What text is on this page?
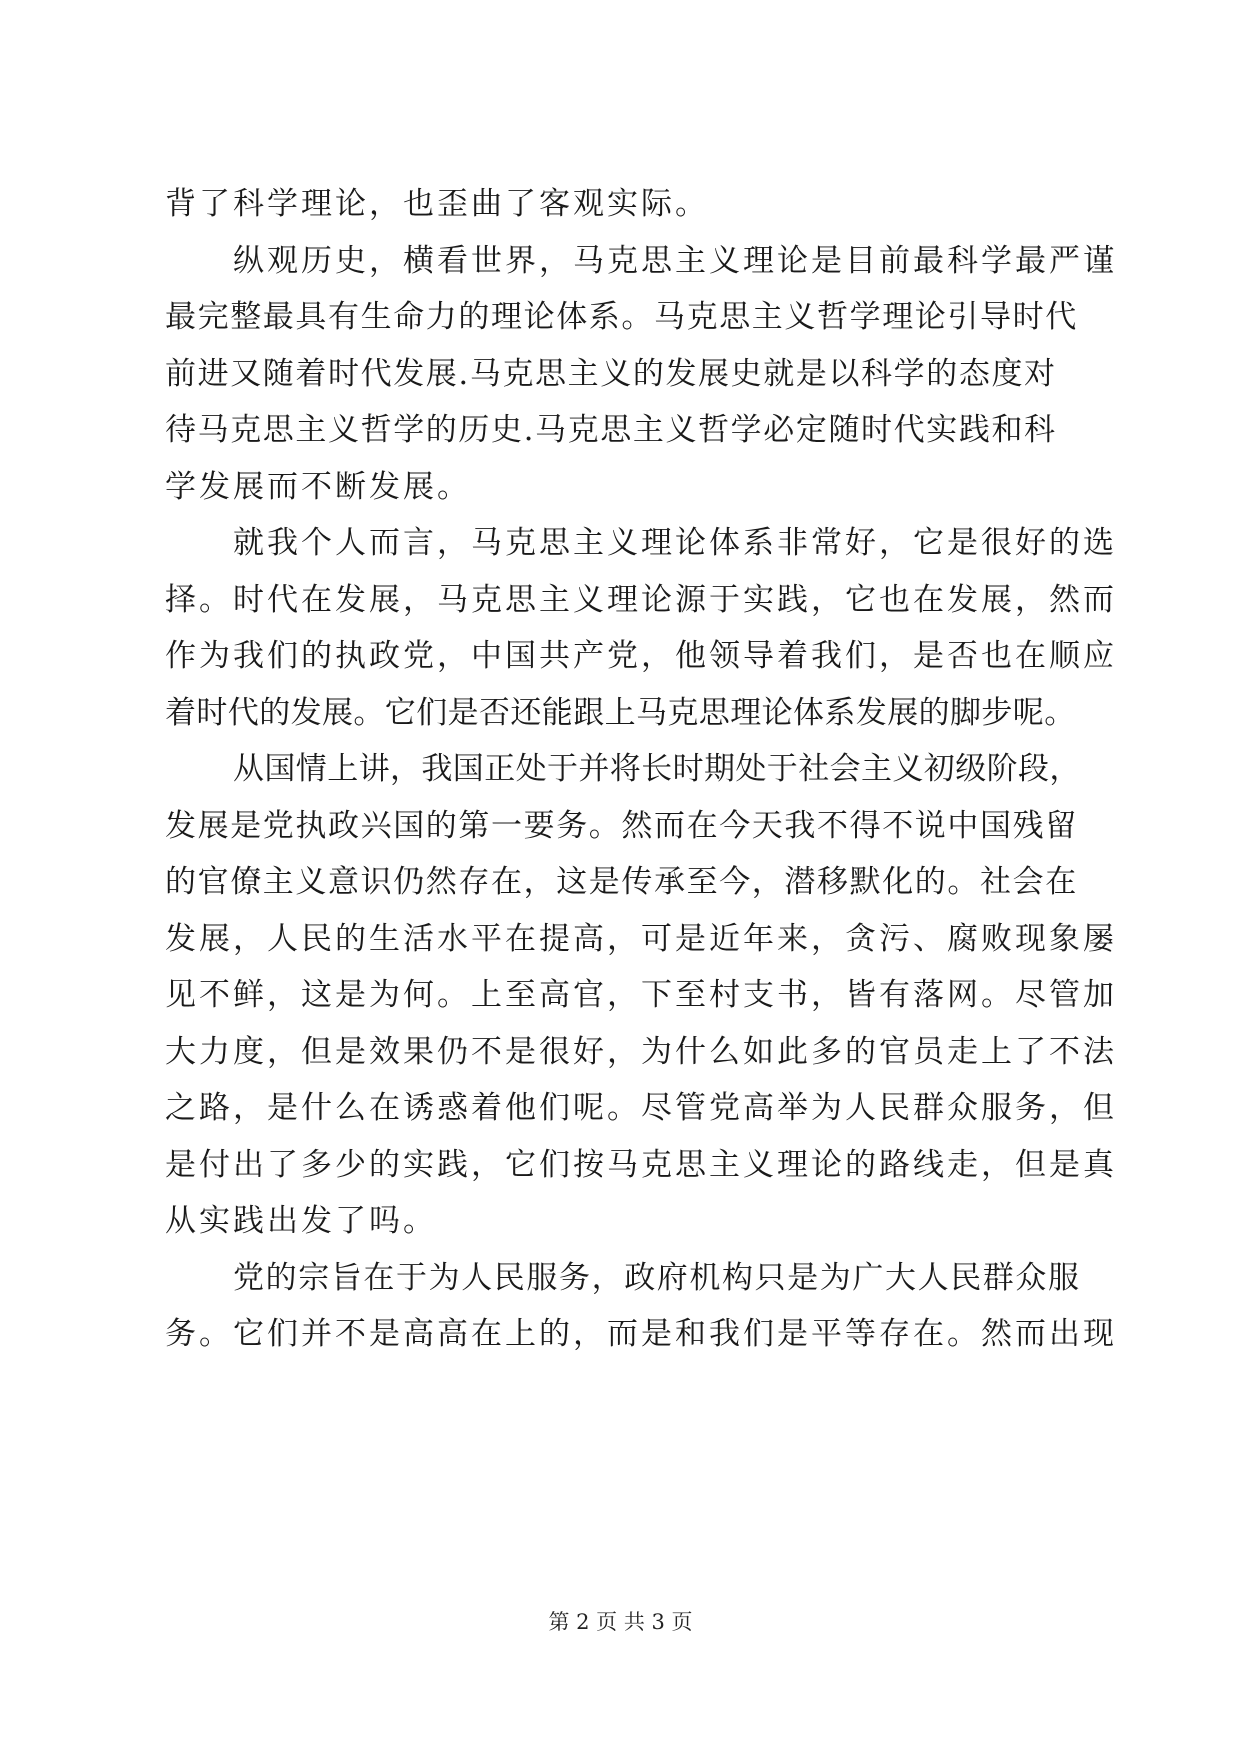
背了科学理论，也歪曲了客观实际。
纵观历史，横看世界，马克思主义理论是目前最科学最严谨
最完整最具有生命力的理论体系。马克思主义哲学理论引导时代
前进又随着时代发展.马克思主义的发展史就是以科学的态度对
待马克思主义哲学的历史.马克思主义哲学必定随时代实践和科
学发展而不断发展。
就我个人而言，马克思主义理论体系非常好，它是很好的选
择。时代在发展，马克思主义理论源于实践，它也在发展，然而
作为我们的执政党，中国共产党，他领导着我们，是否也在顺应
着时代的发展。它们是否还能跟上马克思理论体系发展的脚步呢。
从国情上讲，我国正处于并将长时期处于社会主义初级阶段，
发展是党执政兴国的第一要务。然而在今天我不得不说中国残留
的官僚主义意识仍然存在，这是传承至今，潜移默化的。社会在
发展，人民的生活水平在提高，可是近年来，贪污、腐败现象屡
见不鲜，这是为何。上至高官，下至村支书，皆有落网。尽管加
大力度，但是效果仍不是很好，为什么如此多的官员走上了不法
之路，是什么在诱惑着他们呢。尽管党高举为人民群众服务，但
是付出了多少的实践，它们按马克思主义理论的路线走，但是真
从实践出发了吗。
党的宗旨在于为人民服务，政府机构只是为广大人民群众服
务。它们并不是高高在上的，而是和我们是平等存在。然而出现
第 2 页 共 3 页
